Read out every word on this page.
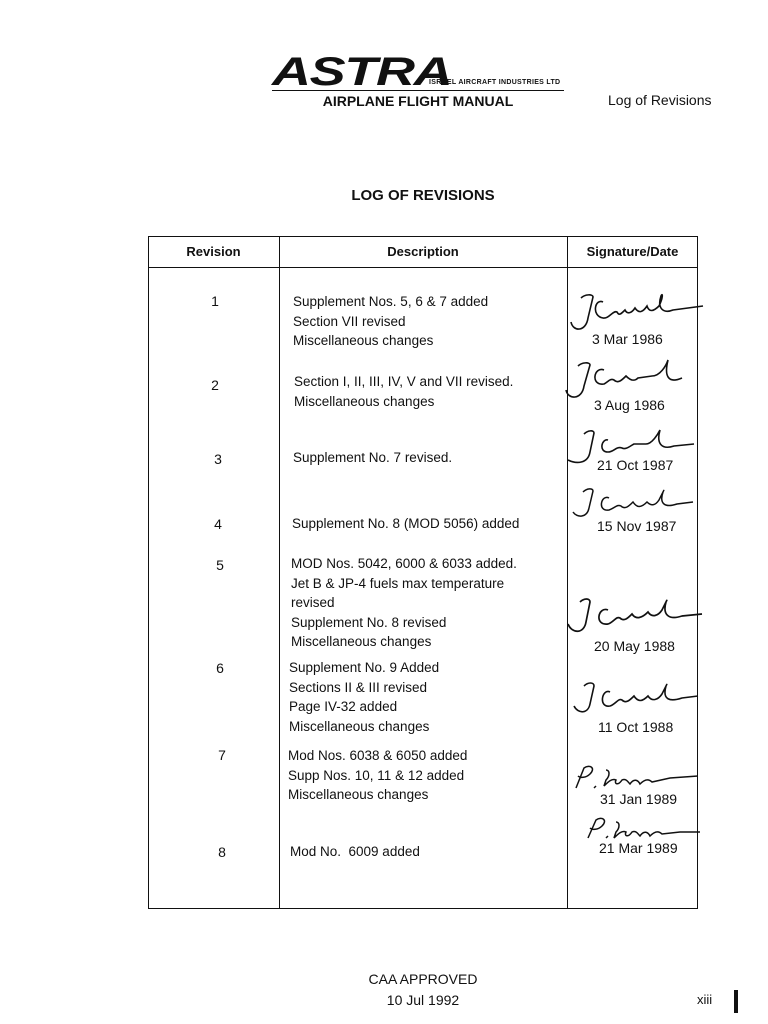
ASTRA
ISRAEL AIRCRAFT INDUSTRIES LTD
AIRPLANE FLIGHT MANUAL	Log of Revisions
LOG OF REVISIONS
Revision	Description	Signature/Date
1	Supplement Nos. 5, 6 & 7 added
Section VII revised
Miscellaneous changes	3 Mar 1986
2	Section I, II, III, IV, V and VII revised.
Miscellaneous changes	3 Aug 1986
3	Supplement No. 7 revised.	21 Oct 1987
4	Supplement No. 8 (MOD 5056) added	15 Nov 1987
5	MOD Nos. 5042, 6000 & 6033 added.
Jet B & JP-4 fuels max temperature
revised
Supplement No. 8 revised
Miscellaneous changes	20 May 1988
6	Supplement No. 9 Added
Sections II & III revised
Page IV-32 added
Miscellaneous changes	11 Oct 1988
7	Mod Nos. 6038 & 6050 added
Supp Nos. 10, 11 & 12 added
Miscellaneous changes	31 Jan 1989
8	Mod No.  6009 added	21 Mar 1989
CAA APPROVED
10 Jul 1992	xiii
